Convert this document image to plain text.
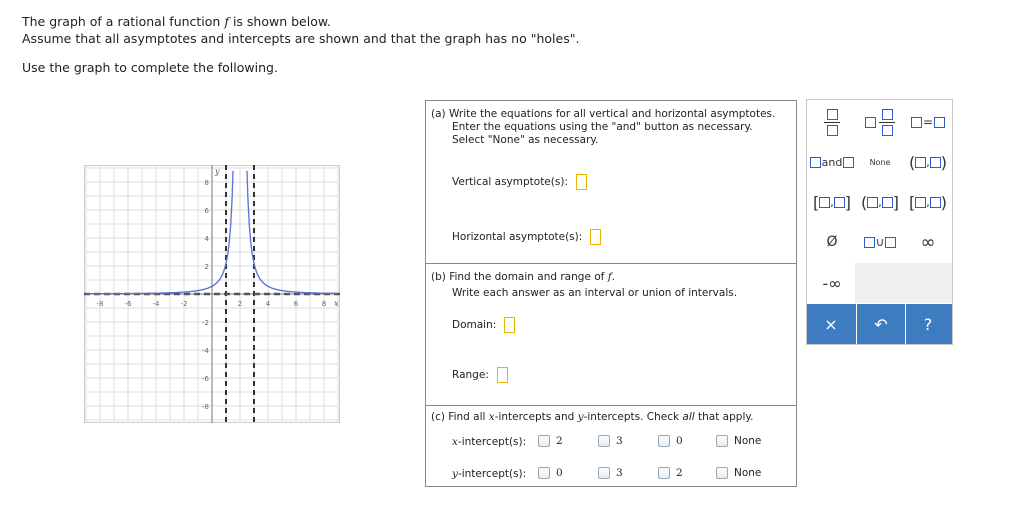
The graph of a rational function f is shown below.
Assume that all asymptotes and intercepts are shown and that the graph has no "holes".
Use the graph to complete the following.
x
y
-8	-6	-4	-2	2	4	6	8
8
6
4
2
-2
-4
-6
-8
(a) Write the equations for all vertical and horizontal asymptotes.
Enter the equations using the "and" button as necessary.
Select "None" as necessary.
Vertical asymptote(s):
Horizontal asymptote(s):
(b) Find the domain and range of f.
Write each answer as an interval or union of intervals.
Domain:
Range:
(c) Find all x-intercepts and y-intercepts. Check all that apply.
x-intercept(s):	2	3	0	None
y-intercept(s):	0	3	2	None
=
and	None ( , )
[ , ] ( , ] [ , )
Ø	∪ ∞
-∞
× ↶ ?
